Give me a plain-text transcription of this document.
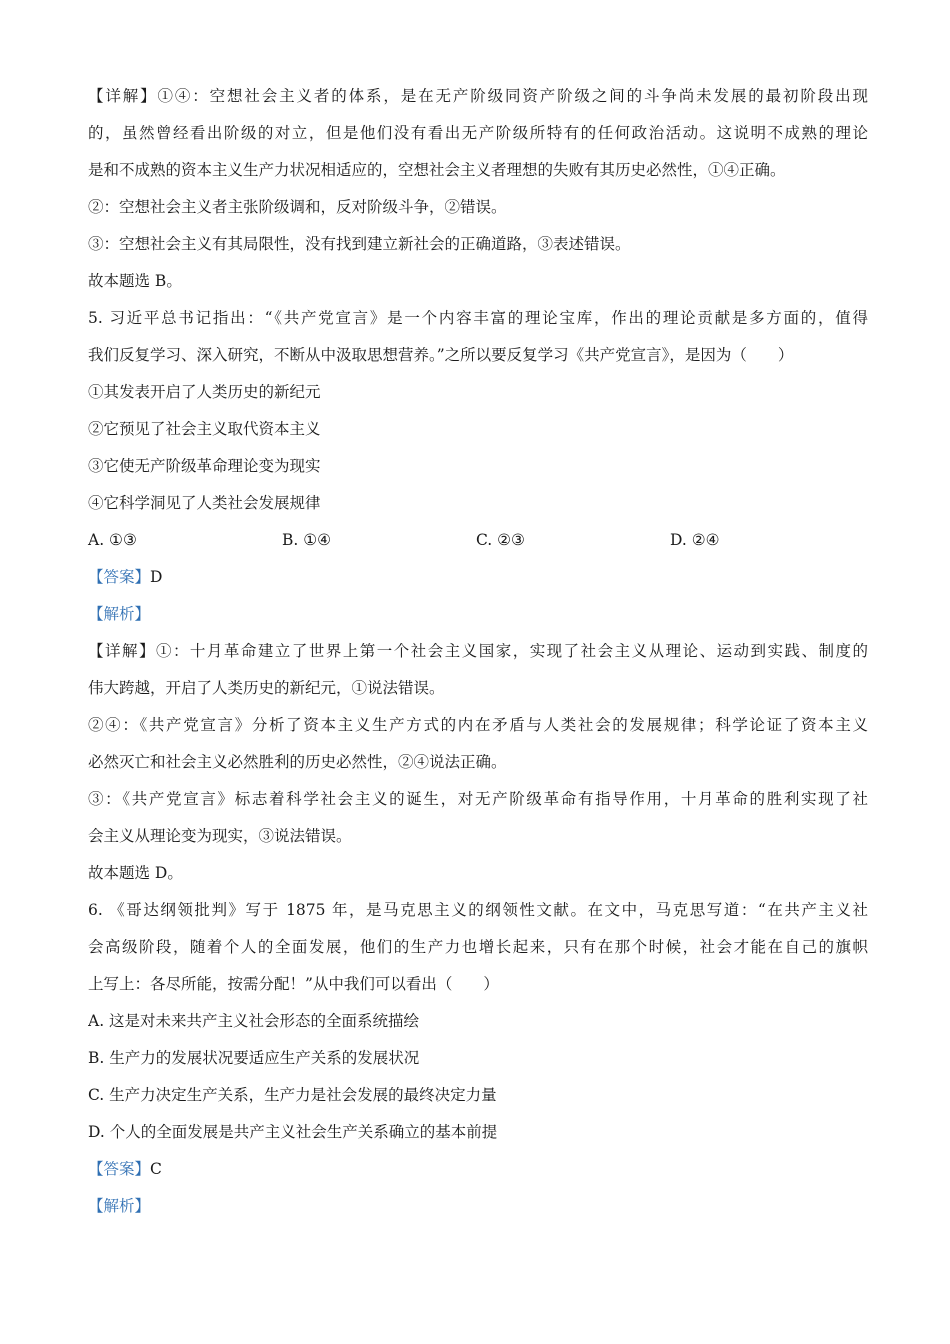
【详解】①④：空想社会主义者的体系，是在无产阶级同资产阶级之间的斗争尚未发展的最初阶段出现
的，虽然曾经看出阶级的对立，但是他们没有看出无产阶级所特有的任何政治活动。这说明不成熟的理论
是和不成熟的资本主义生产力状况相适应的，空想社会主义者理想的失败有其历史必然性，①④正确。
②：空想社会主义者主张阶级调和，反对阶级斗争，②错误。
③：空想社会主义有其局限性，没有找到建立新社会的正确道路，③表述错误。
故本题选 B。
5. 习近平总书记指出：“《共产党宣言》是一个内容丰富的理论宝库，作出的理论贡献是多方面的，值得
我们反复学习、深入研究，不断从中汲取思想营养。”之所以要反复学习《共产党宣言》，是因为（　　）
①其发表开启了人类历史的新纪元
②它预见了社会主义取代资本主义
③它使无产阶级革命理论变为现实
④它科学洞见了人类社会发展规律
A. ①③	B. ①④	C. ②③	D. ②④
【答案】D
【解析】
【详解】①：十月革命建立了世界上第一个社会主义国家，实现了社会主义从理论、运动到实践、制度的
伟大跨越，开启了人类历史的新纪元，①说法错误。
②④：《共产党宣言》分析了资本主义生产方式的内在矛盾与人类社会的发展规律；科学论证了资本主义
必然灭亡和社会主义必然胜利的历史必然性，②④说法正确。
③：《共产党宣言》标志着科学社会主义的诞生，对无产阶级革命有指导作用，十月革命的胜利实现了社
会主义从理论变为现实，③说法错误。
故本题选 D。
6. 《哥达纲领批判》写于 1875 年，是马克思主义的纲领性文献。在文中，马克思写道：“在共产主义社
会高级阶段，随着个人的全面发展，他们的生产力也增长起来，只有在那个时候，社会才能在自己的旗帜
上写上：各尽所能，按需分配！”从中我们可以看出（　　）
A. 这是对未来共产主义社会形态的全面系统描绘
B. 生产力的发展状况要适应生产关系的发展状况
C. 生产力决定生产关系，生产力是社会发展的最终决定力量
D. 个人的全面发展是共产主义社会生产关系确立的基本前提
【答案】C
【解析】
